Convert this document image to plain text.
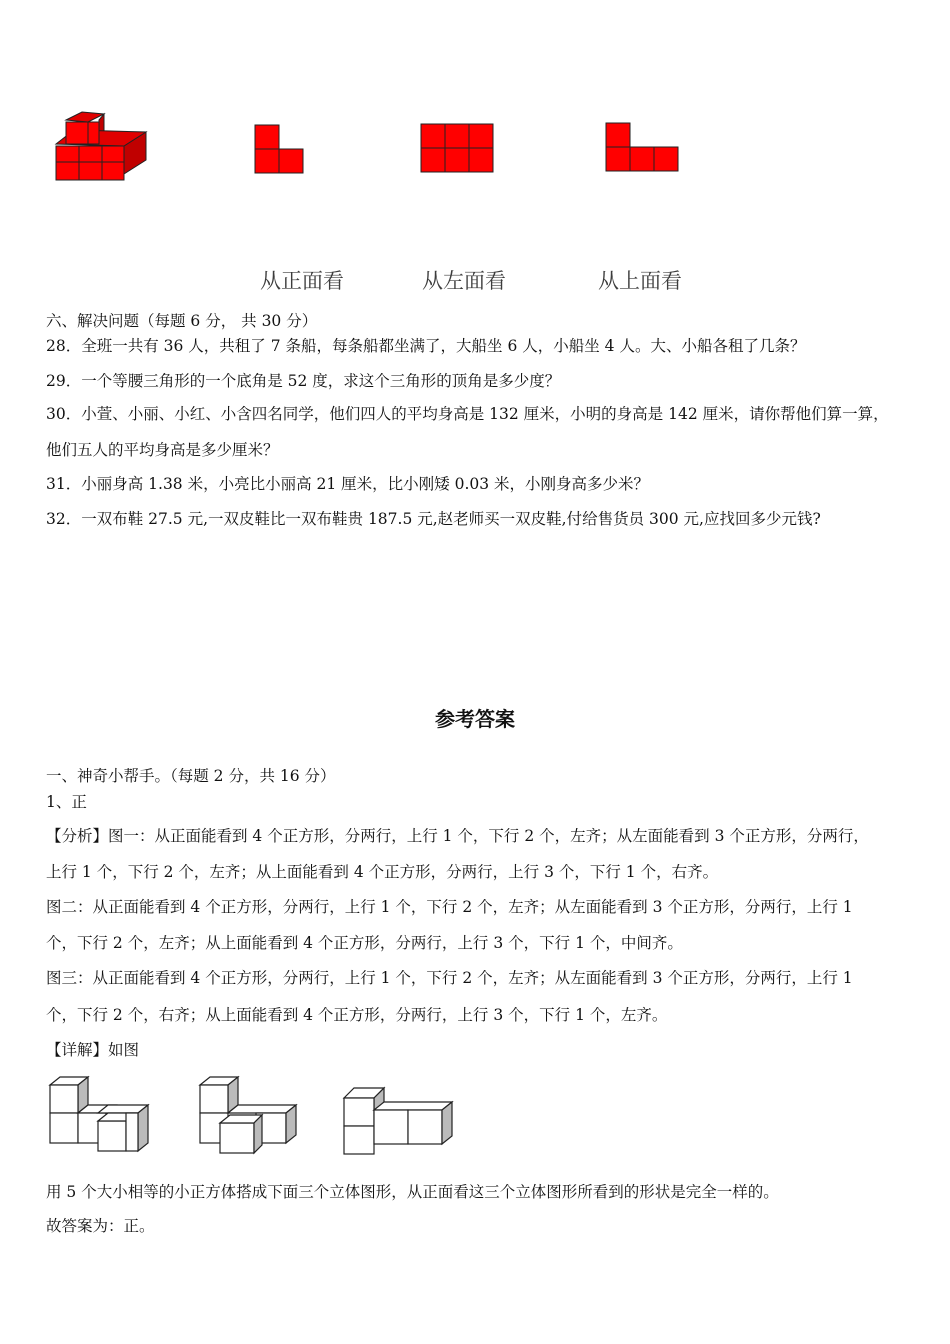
从正面看	从左面看	从上面看
六、解决问题（每题 6 分， 共 30 分）
28．全班一共有 36 人，共租了 7 条船，每条船都坐满了，大船坐 6 人，小船坐 4 人。大、小船各租了几条？
29．一个等腰三角形的一个底角是 52 度，求这个三角形的顶角是多少度？
30．小萱、小丽、小红、小含四名同学，他们四人的平均身高是 132 厘米，小明的身高是 142 厘米，请你帮他们算一算，
他们五人的平均身高是多少厘米？
31．小丽身高 1.38 米，小亮比小丽高 21 厘米，比小刚矮 0.03 米，小刚身高多少米？
32．一双布鞋 27.5 元,一双皮鞋比一双布鞋贵 187.5 元,赵老师买一双皮鞋,付给售货员 300 元,应找回多少元钱?
参考答案
一、神奇小帮手。（每题 2 分，共 16 分）
1、正
【分析】图一：从正面能看到 4 个正方形，分两行，上行 1 个，下行 2 个，左齐；从左面能看到 3 个正方形，分两行，
上行 1 个，下行 2 个，左齐；从上面能看到 4 个正方形，分两行，上行 3 个，下行 1 个，右齐。
图二：从正面能看到 4 个正方形，分两行，上行 1 个，下行 2 个，左齐；从左面能看到 3 个正方形，分两行，上行 1
个，下行 2 个，左齐；从上面能看到 4 个正方形，分两行，上行 3 个，下行 1 个，中间齐。
图三：从正面能看到 4 个正方形，分两行，上行 1 个，下行 2 个，左齐；从左面能看到 3 个正方形，分两行，上行 1
个，下行 2 个，右齐；从上面能看到 4 个正方形，分两行，上行 3 个，下行 1 个，左齐。
【详解】如图
用 5 个大小相等的小正方体搭成下面三个立体图形，从正面看这三个立体图形所看到的形状是完全一样的。
故答案为：正。
